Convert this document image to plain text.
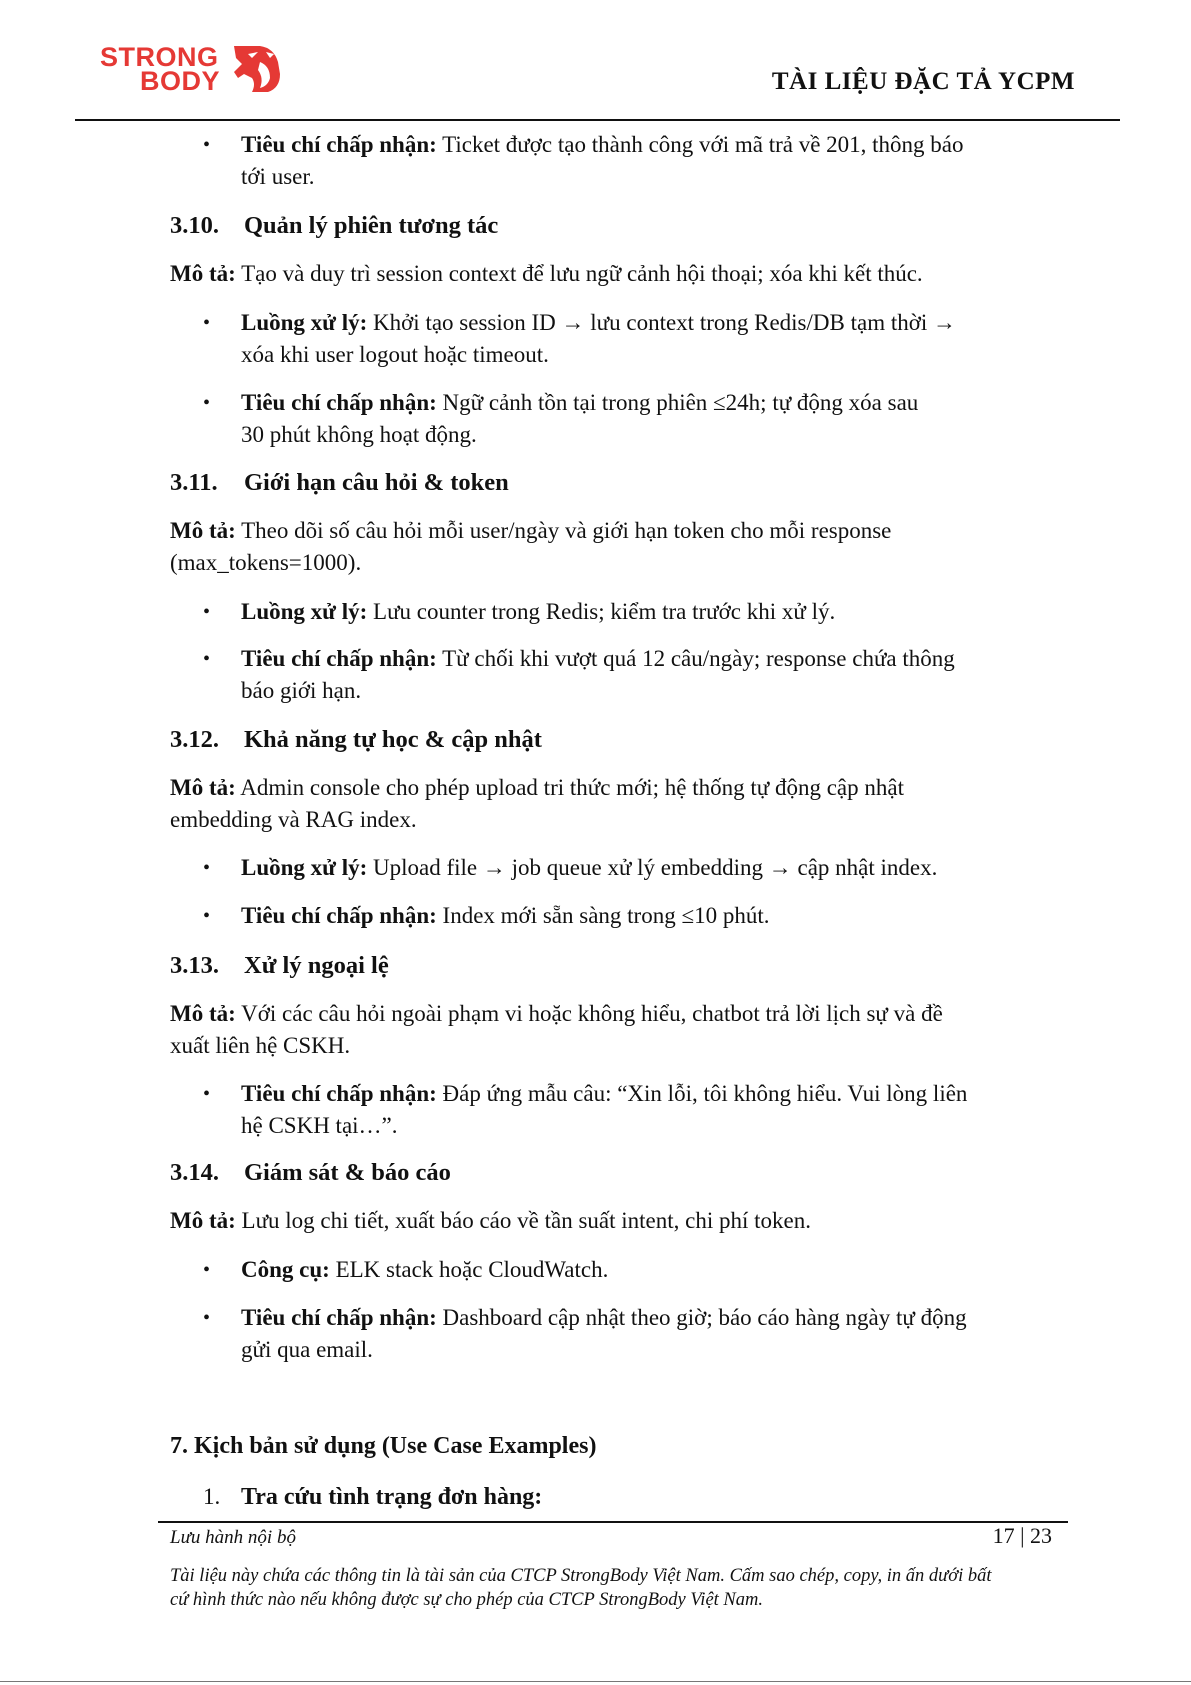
STRONG
BODY	TÀI LIỆU ĐẶC TẢ YCPM
• Tiêu chí chấp nhận: Ticket được tạo thành công với mã trả về 201, thông báo
tới user.
3.10. Quản lý phiên tương tác
Mô tả: Tạo và duy trì session context để lưu ngữ cảnh hội thoại; xóa khi kết thúc.
• Luồng xử lý: Khởi tạo session ID → lưu context trong Redis/DB tạm thời →
xóa khi user logout hoặc timeout.
• Tiêu chí chấp nhận: Ngữ cảnh tồn tại trong phiên ≤24h; tự động xóa sau
30 phút không hoạt động.
3.11. Giới hạn câu hỏi & token
Mô tả: Theo dõi số câu hỏi mỗi user/ngày và giới hạn token cho mỗi response
(max_tokens=1000).
• Luồng xử lý: Lưu counter trong Redis; kiểm tra trước khi xử lý.
• Tiêu chí chấp nhận: Từ chối khi vượt quá 12 câu/ngày; response chứa thông
báo giới hạn.
3.12. Khả năng tự học & cập nhật
Mô tả: Admin console cho phép upload tri thức mới; hệ thống tự động cập nhật
embedding và RAG index.
• Luồng xử lý: Upload file → job queue xử lý embedding → cập nhật index.
• Tiêu chí chấp nhận: Index mới sẵn sàng trong ≤10 phút.
3.13. Xử lý ngoại lệ
Mô tả: Với các câu hỏi ngoài phạm vi hoặc không hiểu, chatbot trả lời lịch sự và đề
xuất liên hệ CSKH.
• Tiêu chí chấp nhận: Đáp ứng mẫu câu: “Xin lỗi, tôi không hiểu. Vui lòng liên
hệ CSKH tại…”.
3.14. Giám sát & báo cáo
Mô tả: Lưu log chi tiết, xuất báo cáo về tần suất intent, chi phí token.
• Công cụ: ELK stack hoặc CloudWatch.
• Tiêu chí chấp nhận: Dashboard cập nhật theo giờ; báo cáo hàng ngày tự động
gửi qua email.
7. Kịch bản sử dụng (Use Case Examples)
1. Tra cứu tình trạng đơn hàng:
Lưu hành nội bộ	17 | 23
Tài liệu này chứa các thông tin là tài sản của CTCP StrongBody Việt Nam. Cấm sao chép, copy, in ấn dưới bất
cứ hình thức nào nếu không được sự cho phép của CTCP StrongBody Việt Nam.
